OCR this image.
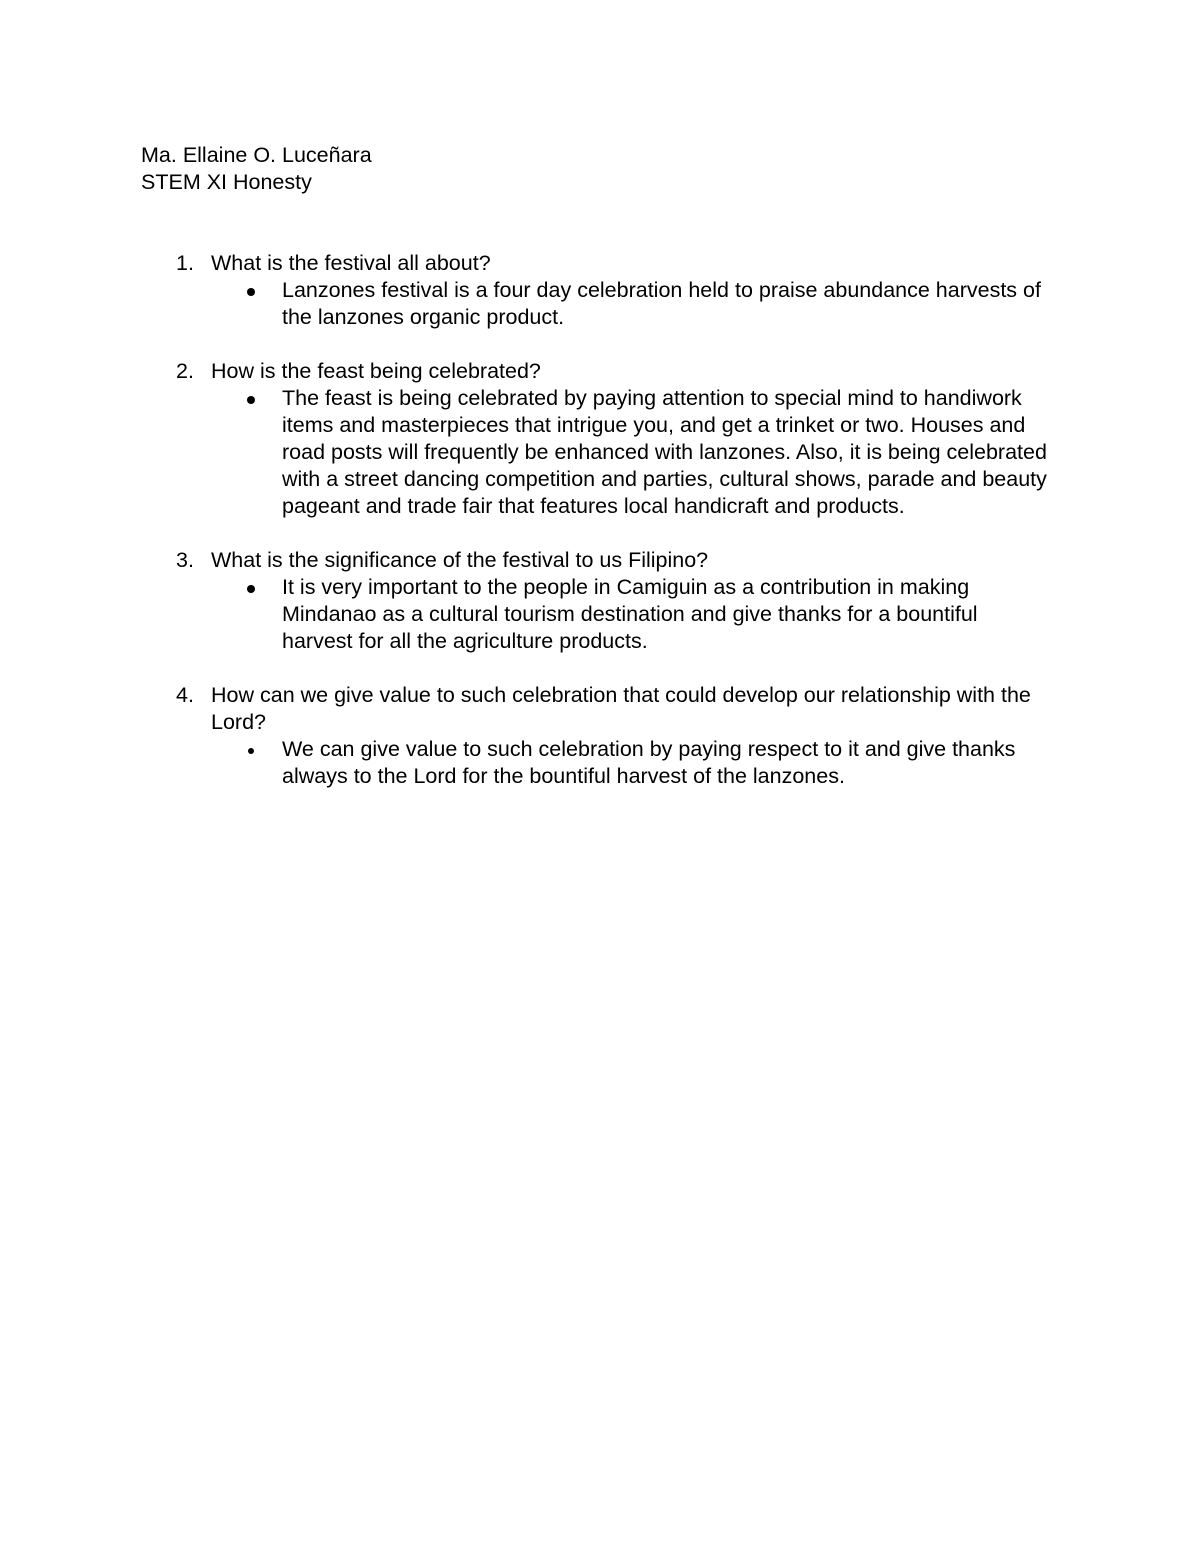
Ma. Ellaine O. Luceñara
STEM XI Honesty
1. What is the festival all about?
Lanzones festival is a four day celebration held to praise abundance harvests of the lanzones organic product.
2. How is the feast being celebrated?
The feast is being celebrated by paying attention to special mind to handiwork items and masterpieces that intrigue you, and get a trinket or two. Houses and road posts will frequently be enhanced with lanzones. Also, it is being celebrated with a street dancing competition and parties, cultural shows, parade and beauty pageant and trade fair that features local handicraft and products.
3. What is the significance of the festival to us Filipino?
It is very important to the people in Camiguin as a contribution in making Mindanao as a cultural tourism destination and give thanks for a bountiful harvest for all the agriculture products.
4. How can we give value to such celebration that could develop our relationship with the Lord?
We can give value to such celebration by paying respect to it and give thanks always to the Lord for the bountiful harvest of the lanzones.
